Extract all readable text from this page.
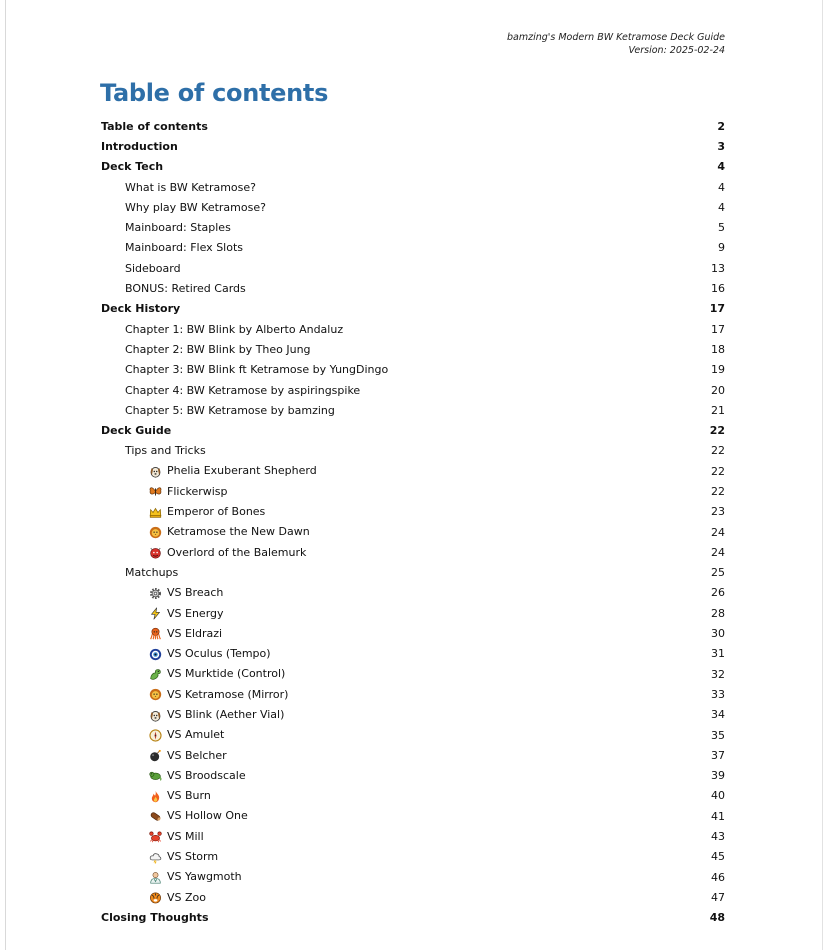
bamzing's Modern BW Ketramose Deck Guide
Version: 2025-02-24
Table of contents
Table of contents	2
Introduction	3
Deck Tech	4
What is BW Ketramose?	4
Why play BW Ketramose?	4
Mainboard: Staples	5
Mainboard: Flex Slots	9
Sideboard	13
BONUS: Retired Cards	16
Deck History	17
Chapter 1: BW Blink by Alberto Andaluz	17
Chapter 2: BW Blink by Theo Jung	18
Chapter 3: BW Blink ft Ketramose by YungDingo	19
Chapter 4: BW Ketramose by aspiringspike	20
Chapter 5: BW Ketramose by bamzing	21
Deck Guide	22
Tips and Tricks	22
Phelia Exuberant Shepherd	22
Flickerwisp	22
Emperor of Bones	23
Ketramose the New Dawn	24
Overlord of the Balemurk	24
Matchups	25
VS Breach	26
VS Energy	28
VS Eldrazi	30
VS Oculus (Tempo)	31
VS Murktide (Control)	32
VS Ketramose (Mirror)	33
VS Blink (Aether Vial)	34
VS Amulet	35
VS Belcher	37
VS Broodscale	39
VS Burn	40
VS Hollow One	41
VS Mill	43
VS Storm	45
VS Yawgmoth	46
VS Zoo	47
Closing Thoughts	48
